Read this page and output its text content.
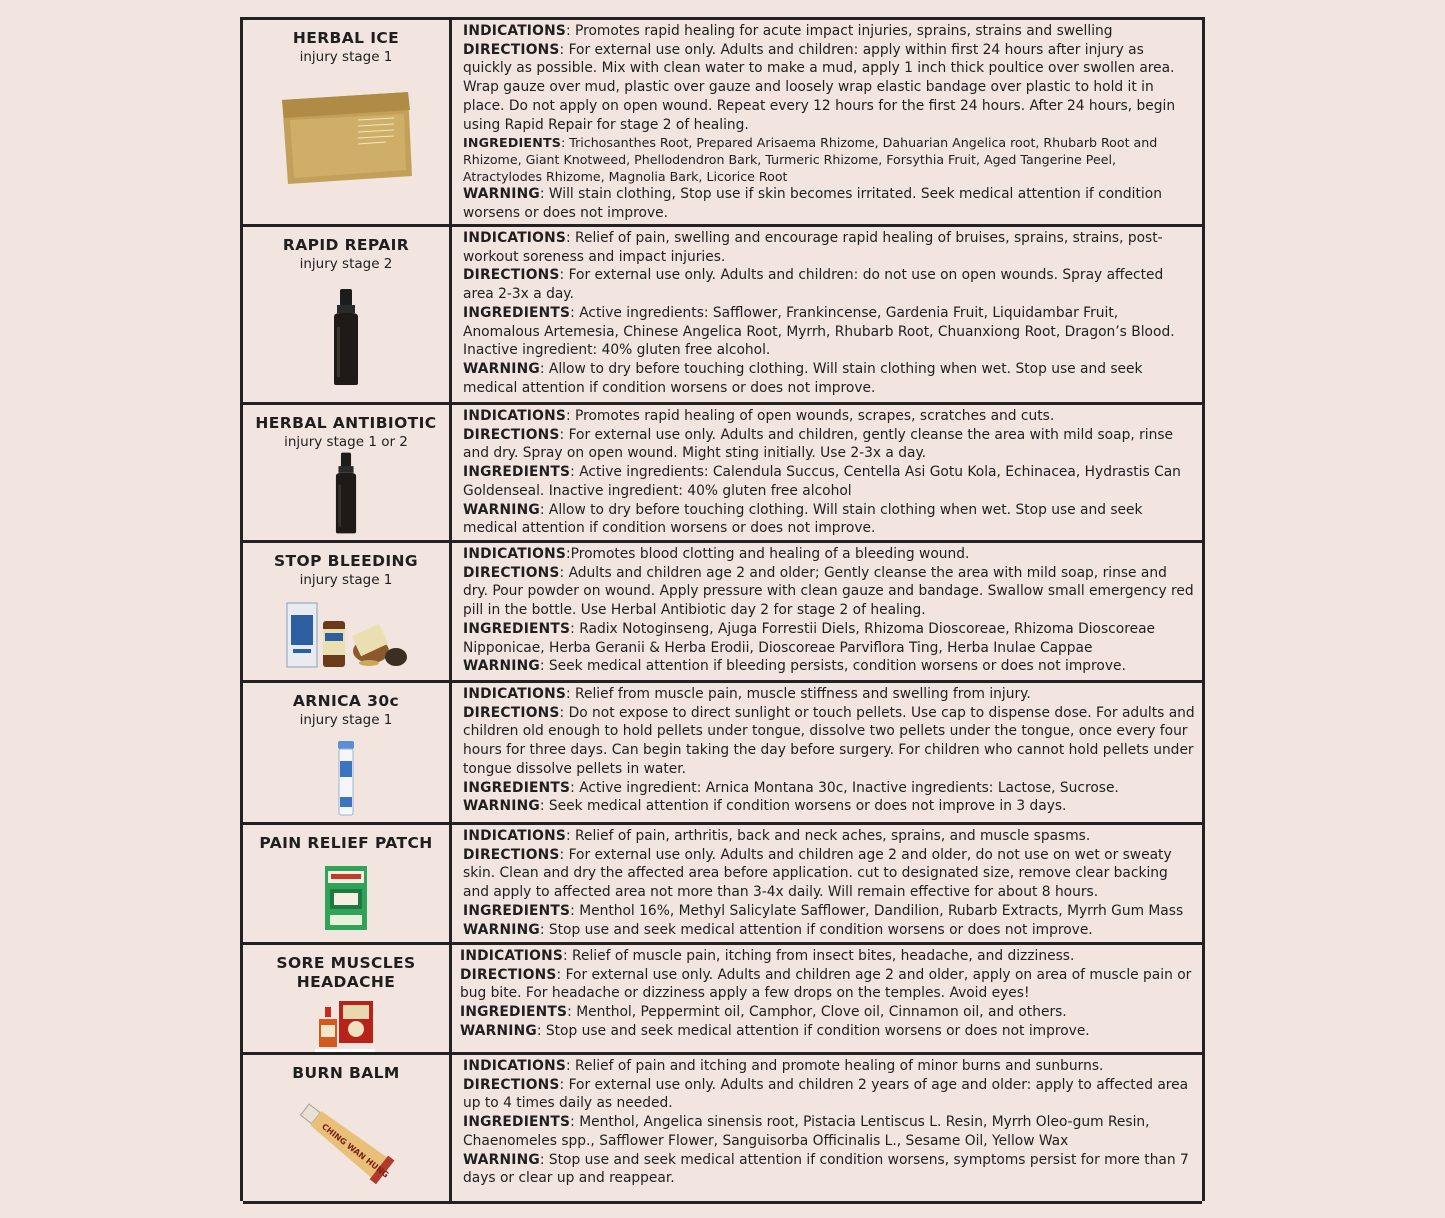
HERBAL ICE
injury stage 1

INDICATIONS: Promotes rapid healing for acute impact injuries, sprains, strains and swelling

DIRECTIONS: For external use only. Adults and children: apply within first 24 hours after injury as quickly as possible. Mix with clean water to make a mud, apply 1 inch thick poultice over swollen area. Wrap gauze over mud, plastic over gauze and loosely wrap elastic bandage over plastic to hold it in place. Do not apply on open wound. Repeat every 12 hours for the first 24 hours. After 24 hours, begin using Rapid Repair for stage 2 of healing.

INGREDIENTS: Trichosanthes Root, Prepared Arisaema Rhizome, Dahuarian Angelica root, Rhubarb Root and Rhizome, Giant Knotweed, Phellodendron Bark, Turmeric Rhizome, Forsythia Fruit, Aged Tangerine Peel, Atractylodes Rhizome, Magnolia Bark, Licorice Root

WARNING: Will stain clothing, Stop use if skin becomes irritated. Seek medical attention if condition worsens or does not improve.

RAPID REPAIR
injury stage 2

INDICATIONS: Relief of pain, swelling and encourage rapid healing of bruises, sprains, strains, post-workout soreness and impact injuries.

DIRECTIONS: For external use only. Adults and children: do not use on open wounds. Spray affected area 2-3x a day.

INGREDIENTS: Active ingredients: Safflower, Frankincense, Gardenia Fruit, Liquidambar Fruit, Anomalous Artemesia, Chinese Angelica Root, Myrrh, Rhubarb Root, Chuanxiong Root, Dragon’s Blood. Inactive ingredient: 40% gluten free alcohol.

WARNING: Allow to dry before touching clothing. Will stain clothing when wet. Stop use and seek medical attention if condition worsens or does not improve.

HERBAL ANTIBIOTIC
injury stage 1 or 2

INDICATIONS: Promotes rapid healing of open wounds, scrapes, scratches and cuts.

DIRECTIONS: For external use only. Adults and children, gently cleanse the area with mild soap, rinse and dry. Spray on open wound. Might sting initially. Use 2-3x a day.

INGREDIENTS: Active ingredients: Calendula Succus, Centella Asi Gotu Kola, Echinacea, Hydrastis Can Goldenseal. Inactive ingredient: 40% gluten free alcohol

WARNING: Allow to dry before touching clothing. Will stain clothing when wet. Stop use and seek medical attention if condition worsens or does not improve.

STOP BLEEDING
injury stage 1

INDICATIONS:Promotes blood clotting and healing of a bleeding wound.

DIRECTIONS: Adults and children age 2 and older; Gently cleanse the area with mild soap, rinse and dry. Pour powder on wound. Apply pressure with clean gauze and bandage. Swallow small emergency red pill in the bottle. Use Herbal Antibiotic day 2 for stage 2 of healing.

INGREDIENTS: Radix Notoginseng, Ajuga Forrestii Diels, Rhizoma Dioscoreae, Rhizoma Dioscoreae Nipponicae, Herba Geranii & Herba Erodii, Dioscoreae Parviflora Ting, Herba Inulae Cappae

WARNING: Seek medical attention if bleeding persists, condition worsens or does not improve.

ARNICA 30c
injury stage 1

INDICATIONS: Relief from muscle pain, muscle stiffness and swelling from injury.

DIRECTIONS: Do not expose to direct sunlight or touch pellets. Use cap to dispense dose. For adults and children old enough to hold pellets under tongue, dissolve two pellets under the tongue, once every four hours for three days. Can begin taking the day before surgery. For children who cannot hold pellets under tongue dissolve pellets in water.

INGREDIENTS: Active ingredient: Arnica Montana 30c, Inactive ingredients: Lactose, Sucrose.

WARNING: Seek medical attention if condition worsens or does not improve in 3 days.

PAIN RELIEF PATCH	INDICATIONS: Relief of pain, arthritis, back and neck aches, sprains, and muscle spasms.

DIRECTIONS: For external use only. Adults and children age 2 and older, do not use on wet or sweaty skin. Clean and dry the affected area before application. cut to designated size, remove clear backing and apply to affected area not more than 3-4x daily. Will remain effective for about 8 hours.

INGREDIENTS: Menthol 16%, Methyl Salicylate Safflower, Dandilion, Rubarb Extracts, Myrrh Gum Mass

WARNING: Stop use and seek medical attention if condition worsens or does not improve.

SORE MUSCLES HEADACHE

INDICATIONS: Relief of muscle pain, itching from insect bites, headache, and dizziness.

DIRECTIONS: For external use only. Adults and children age 2 and older, apply on area of muscle pain or bug bite. For headache or dizziness apply a few drops on the temples. Avoid eyes!

INGREDIENTS: Menthol, Peppermint oil, Camphor, Clove oil, Cinnamon oil, and others.

WARNING: Stop use and seek medical attention if condition worsens or does not improve.

BURN BALM
CHING WAN HUNG

INDICATIONS: Relief of pain and itching and promote healing of minor burns and sunburns.

DIRECTIONS: For external use only. Adults and children 2 years of age and older: apply to affected area up to 4 times daily as needed.

INGREDIENTS: Menthol, Angelica sinensis root, Pistacia Lentiscus L. Resin, Myrrh Oleo-gum Resin, Chaenomeles spp., Safflower Flower, Sanguisorba Officinalis L., Sesame Oil, Yellow Wax

WARNING: Stop use and seek medical attention if condition worsens, symptoms persist for more than 7 days or clear up and reappear.
